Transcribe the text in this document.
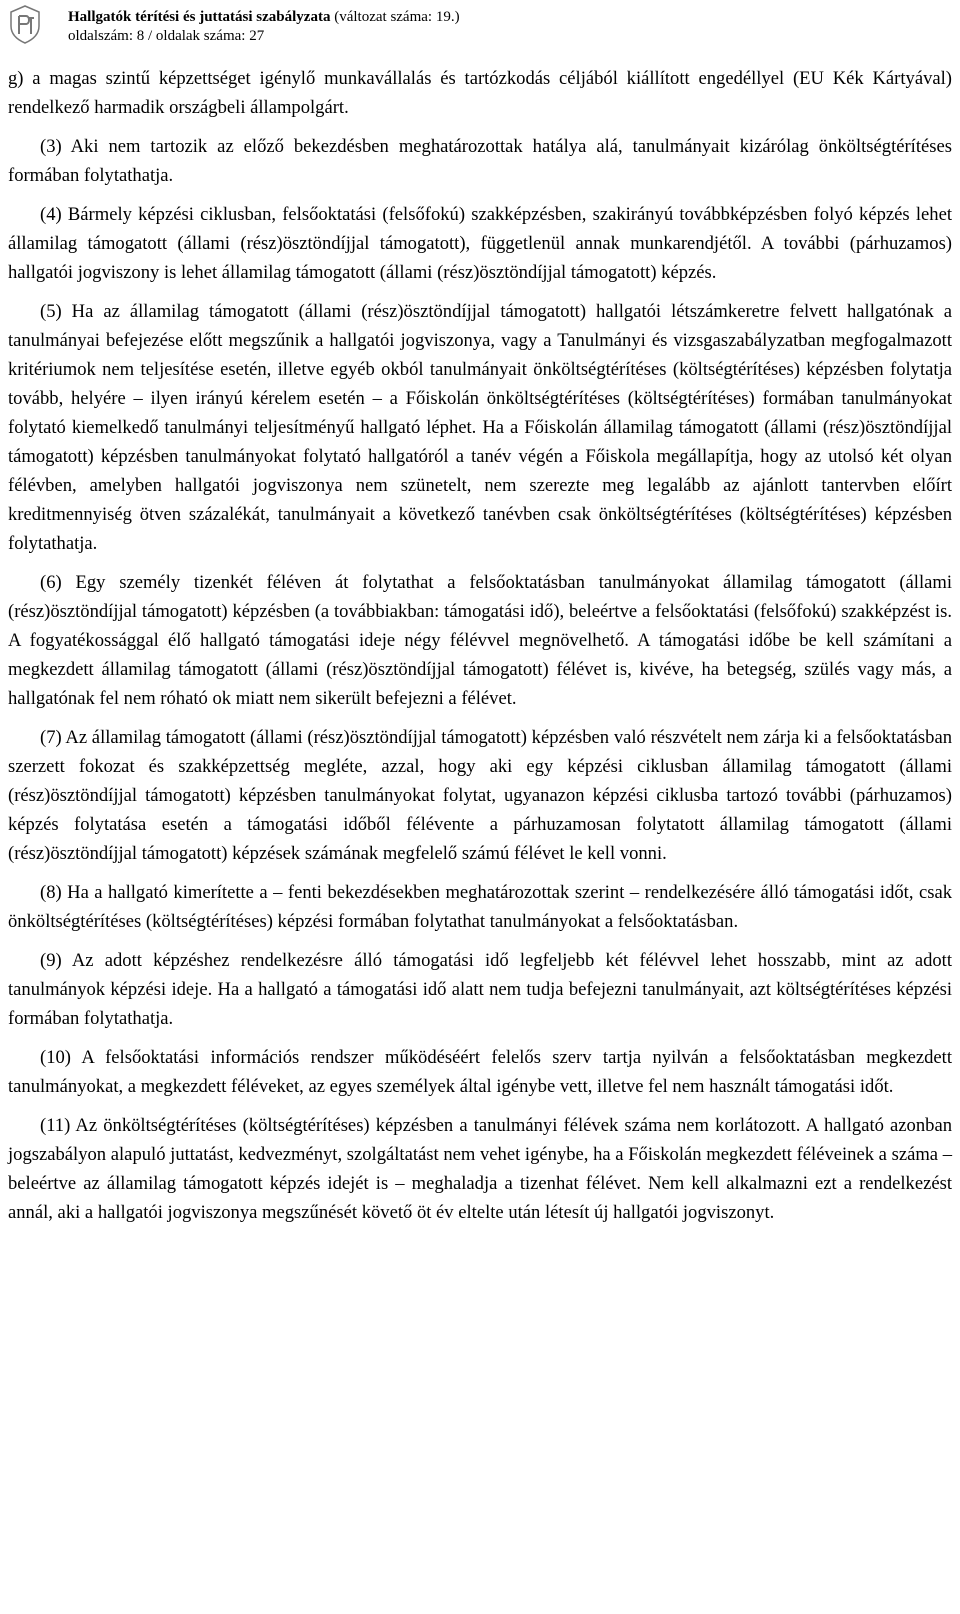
Hallgatók térítési és juttatási szabályzata (változat száma: 19.)
oldalszám: 8 / oldalak száma: 27

g) a magas szintű képzettséget igénylő munkavállalás és tartózkodás céljából kiállított engedéllyel (EU Kék Kártyával) rendelkező harmadik országbeli állampolgárt.

(3) Aki nem tartozik az előző bekezdésben meghatározottak hatálya alá, tanulmányait kizárólag önköltségtérítéses formában folytathatja.

(4) Bármely képzési ciklusban, felsőoktatási (felsőfokú) szakképzésben, szakirányú továbbképzésben folyó képzés lehet államilag támogatott (állami (rész)ösztöndíjjal támogatott), függetlenül annak munkarendjétől. A további (párhuzamos) hallgatói jogviszony is lehet államilag támogatott (állami (rész)ösztöndíjjal támogatott) képzés.

(5) Ha az államilag támogatott (állami (rész)ösztöndíjjal támogatott) hallgatói létszámkeretre felvett hallgatónak a tanulmányai befejezése előtt megszűnik a hallgatói jogviszonya, vagy a Tanulmányi és vizsgaszabályzatban megfogalmazott kritériumok nem teljesítése esetén, illetve egyéb okból tanulmányait önköltségtérítéses (költségtérítéses) képzésben folytatja tovább, helyére – ilyen irányú kérelem esetén – a Főiskolán önköltségtérítéses (költségtérítéses) formában tanulmányokat folytató kiemelkedő tanulmányi teljesítményű hallgató léphet. Ha a Főiskolán államilag támogatott (állami (rész)ösztöndíjjal támogatott) képzésben tanulmányokat folytató hallgatóról a tanév végén a Főiskola megállapítja, hogy az utolsó két olyan félévben, amelyben hallgatói jogviszonya nem szünetelt, nem szerezte meg legalább az ajánlott tantervben előírt kreditmennyiség ötven százalékát, tanulmányait a következő tanévben csak önköltségtérítéses (költségtérítéses) képzésben folytathatja.

(6) Egy személy tizenkét féléven át folytathat a felsőoktatásban tanulmányokat államilag támogatott (állami (rész)ösztöndíjjal támogatott) képzésben (a továbbiakban: támogatási idő), beleértve a felsőoktatási (felsőfokú) szakképzést is. A fogyatékossággal élő hallgató támogatási ideje négy félévvel megnövelhető. A támogatási időbe be kell számítani a megkezdett államilag támogatott (állami (rész)ösztöndíjjal támogatott) félévet is, kivéve, ha betegség, szülés vagy más, a hallgatónak fel nem róható ok miatt nem sikerült befejezni a félévet.

(7) Az államilag támogatott (állami (rész)ösztöndíjjal támogatott) képzésben való részvételt nem zárja ki a felsőoktatásban szerzett fokozat és szakképzettség megléte, azzal, hogy aki egy képzési ciklusban államilag támogatott (állami (rész)ösztöndíjjal támogatott) képzésben tanulmányokat folytat, ugyanazon képzési ciklusba tartozó további (párhuzamos) képzés folytatása esetén a támogatási időből félévente a párhuzamosan folytatott államilag támogatott (állami (rész)ösztöndíjjal támogatott) képzések számának megfelelő számú félévet le kell vonni.

(8) Ha a hallgató kimerítette a – fenti bekezdésekben meghatározottak szerint – rendelkezésére álló támogatási időt, csak önköltségtérítéses (költségtérítéses) képzési formában folytathat tanulmányokat a felsőoktatásban.

(9) Az adott képzéshez rendelkezésre álló támogatási idő legfeljebb két félévvel lehet hosszabb, mint az adott tanulmányok képzési ideje. Ha a hallgató a támogatási idő alatt nem tudja befejezni tanulmányait, azt költségtérítéses képzési formában folytathatja.

(10) A felsőoktatási információs rendszer működéséért felelős szerv tartja nyilván a felsőoktatásban megkezdett tanulmányokat, a megkezdett féléveket, az egyes személyek által igénybe vett, illetve fel nem használt támogatási időt.

(11) Az önköltségtérítéses (költségtérítéses) képzésben a tanulmányi félévek száma nem korlátozott. A hallgató azonban jogszabályon alapuló juttatást, kedvezményt, szolgáltatást nem vehet igénybe, ha a Főiskolán megkezdett féléveinek a száma – beleértve az államilag támogatott képzés idejét is – meghaladja a tizenhat félévet. Nem kell alkalmazni ezt a rendelkezést annál, aki a hallgatói jogviszonya megszűnését követő öt év eltelte után létesít új hallgatói jogviszonyt.
